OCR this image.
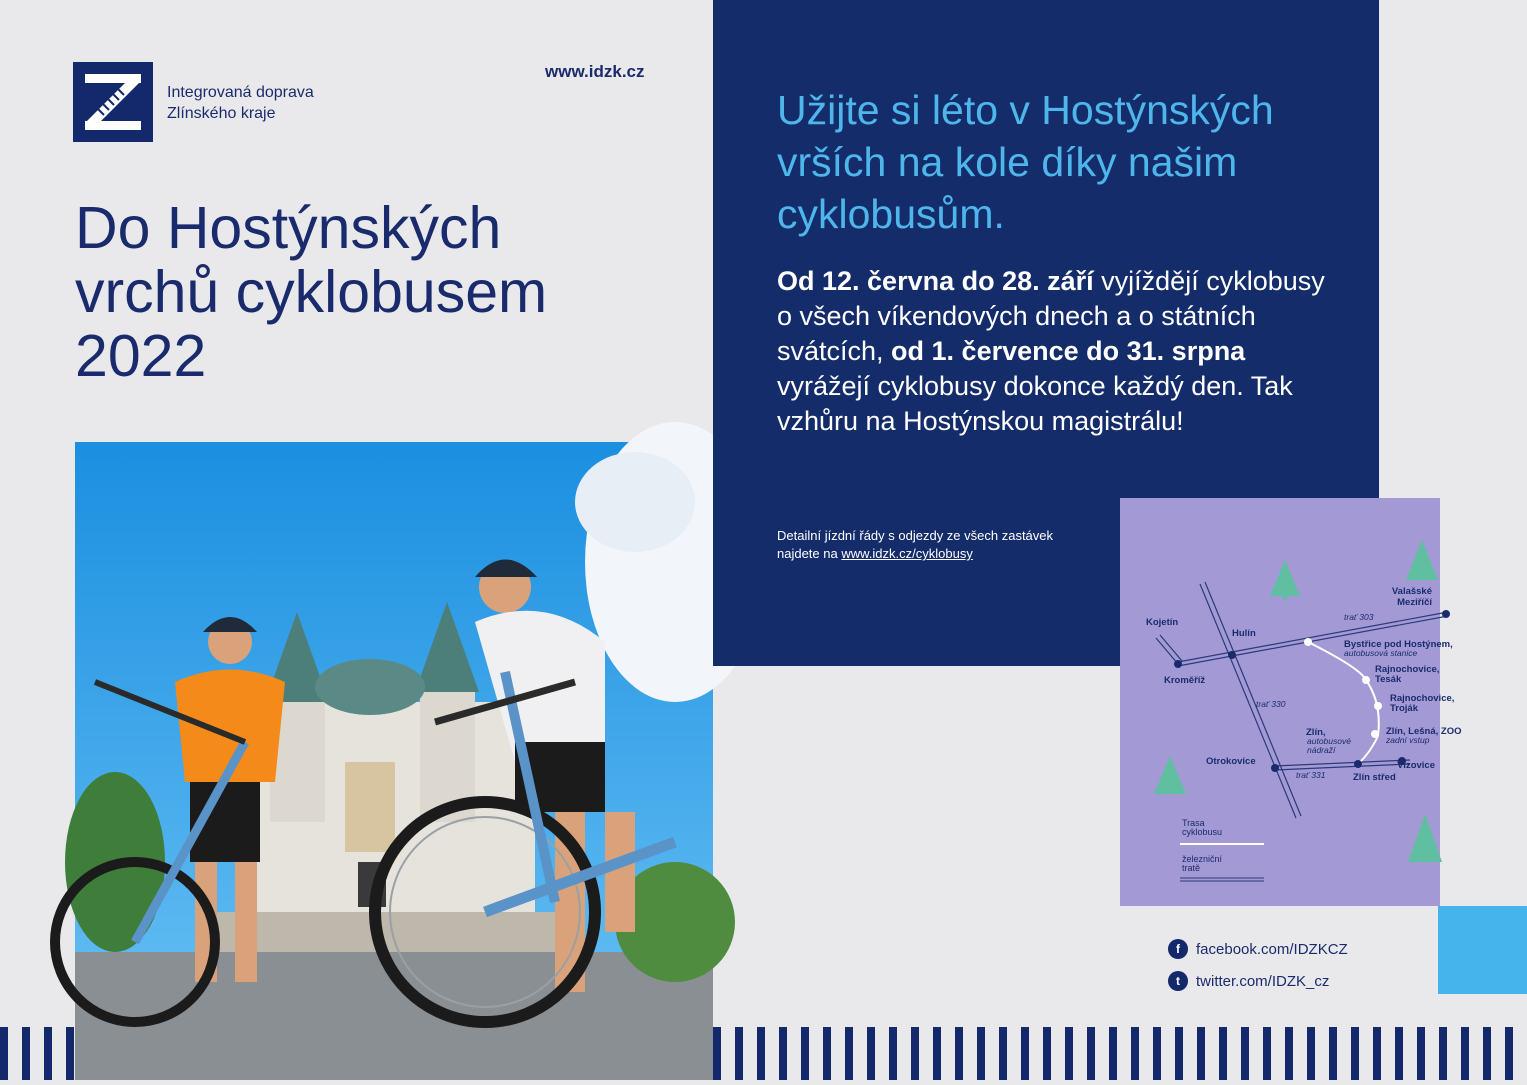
Integrovaná doprava
Zlínského kraje
www.idzk.cz
Do Hostýnských
vrchů cyklobusem
2022
Užijte si léto v Hostýnských vrších na kole díky našim cyklobusům.

Od 12. června do 28. září vyjíždějí cyklobusy o všech víkendových dnech a o státních svátcích, od 1. července do 31. srpna vyrážejí cyklobusy dokonce každý den. Tak vzhůru na Hostýnskou magistrálu!

Detailní jízdní řády s odjezdy ze všech zastávek
najdete na www.idzk.cz/cyklobusy
Kojetín
Kroměříž
Hulín
Valašské
Meziříčí
Bystřice pod Hostýnem,
Rajnochovice,
Tesák
Rajnochovice,
Troják
Zlín, Lešná, ZOO
Zlín,
Otrokovice
Zlín střed
Vizovice
trať 303
autobusová stanice
zadní vstup
autobusové
nádraží
trať 330
trať 331
Trasa
cyklobusu
železniční
tratě
f	facebook.com/IDZKCZ
t	twitter.com/IDZK_cz
